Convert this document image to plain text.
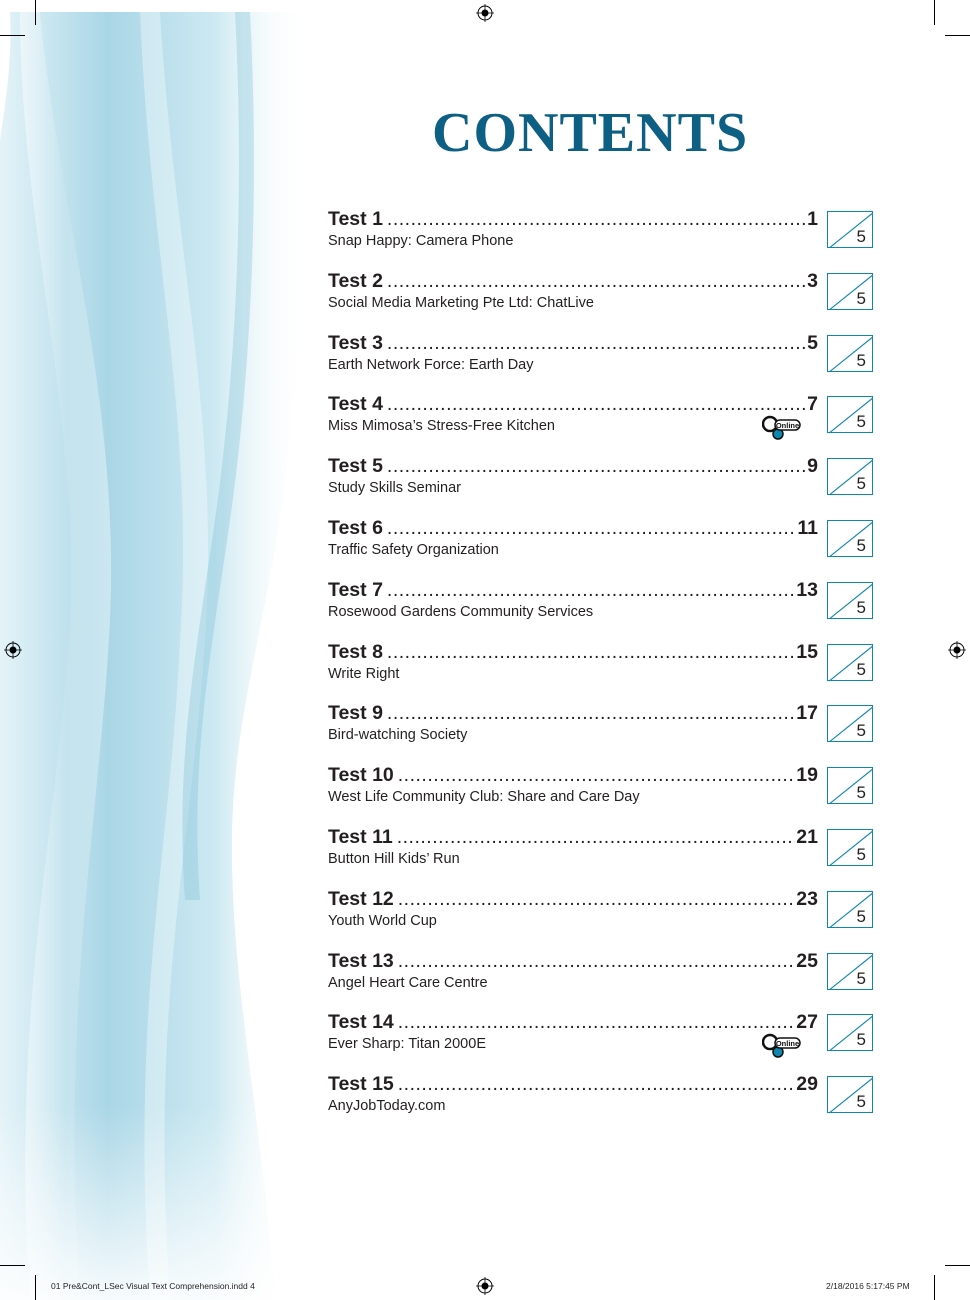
CONTENTS
Test 1 .....	1
Snap Happy: Camera Phone	5
Test 2 .....	3
Social Media Marketing Pte Ltd: ChatLive	5
Test 3 .....	5
Earth Network Force: Earth Day	5
Test 4 .....	7
Miss Mimosa’s Stress-Free Kitchen	5
Online
Test 5 .....	9
Study Skills Seminar	5
Test 6 .....	11
Traffic Safety Organization	5
Test 7 .....	13
Rosewood Gardens Community Services	5
Test 8 .....	15
Write Right	5
Test 9 .....	17
Bird-watching Society	5
Test 10 .....	19
West Life Community Club: Share and Care Day	5
Test 11 .....	21
Button Hill Kids’ Run	5
Test 12 .....	23
Youth World Cup	5
Test 13 .....	25
Angel Heart Care Centre	5
Test 14 .....	27
Ever Sharp: Titan 2000E	5
Online
Test 15 .....	29
AnyJobToday.com	5
01 Pre&Cont_LSec Visual Text Comprehension.indd 4	2/18/2016 5:17:45 PM
